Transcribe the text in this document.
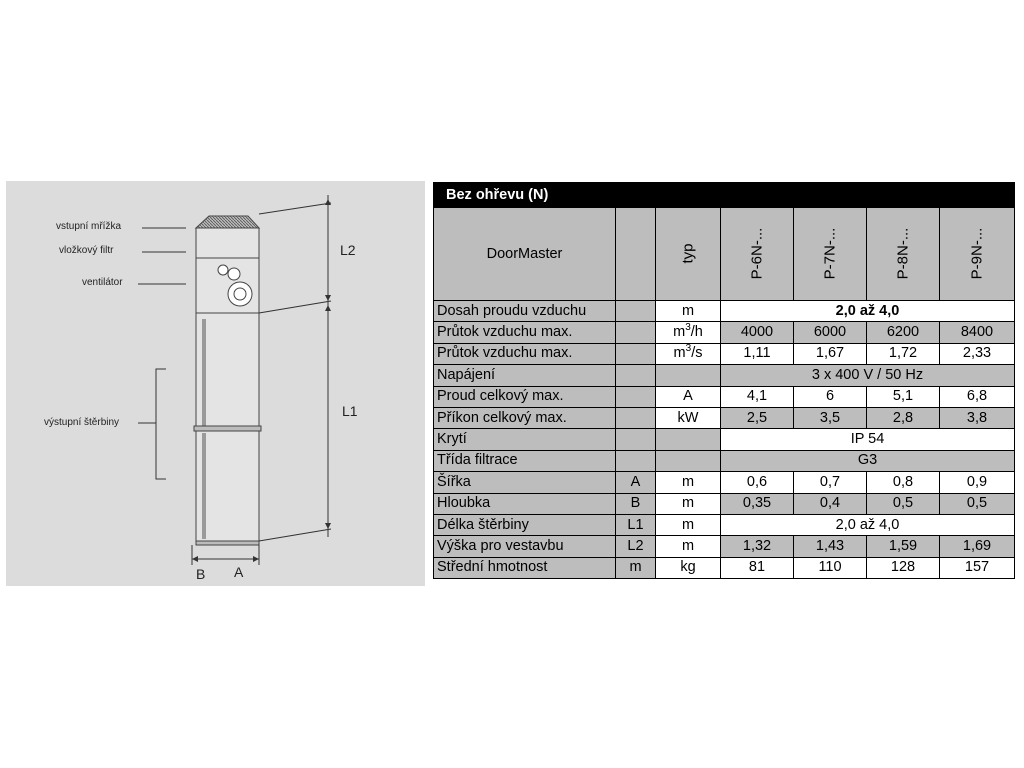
vstupní mřížka
vložkový filtr
ventilátor
výstupní štěrbiny
L2
L1
B A
Bez ohřevu (N)						
DoorMaster		typ	P-6N-...	P-7N-...	P-8N-...	P-9N-...
Dosah proudu vzduchu		m	2,0 až 4,0			
Průtok vzduchu max.		$m^3/h$	4000	6000	6200	8400
Průtok vzduchu max.		$m^3/s$	1,11	1,67	1,72	2,33
Napájení			3 x 400 V / 50 Hz			
Proud celkový max.		A	4,1	6	5,1	6,8
Příkon celkový max.		kW	2,5	3,5	2,8	3,8
Krytí			IP 54			
Třída filtrace			G3			
Šířka	A	m	0,6	0,7	0,8	0,9
Hloubka	B	m	0,35	0,4	0,5	0,5
Délka štěrbiny	L1	m	2,0 až 4,0			
Výška pro vestavbu	L2	m	1,32	1,43	1,59	1,69
Střední hmotnost	m	kg	81	110	128	157
